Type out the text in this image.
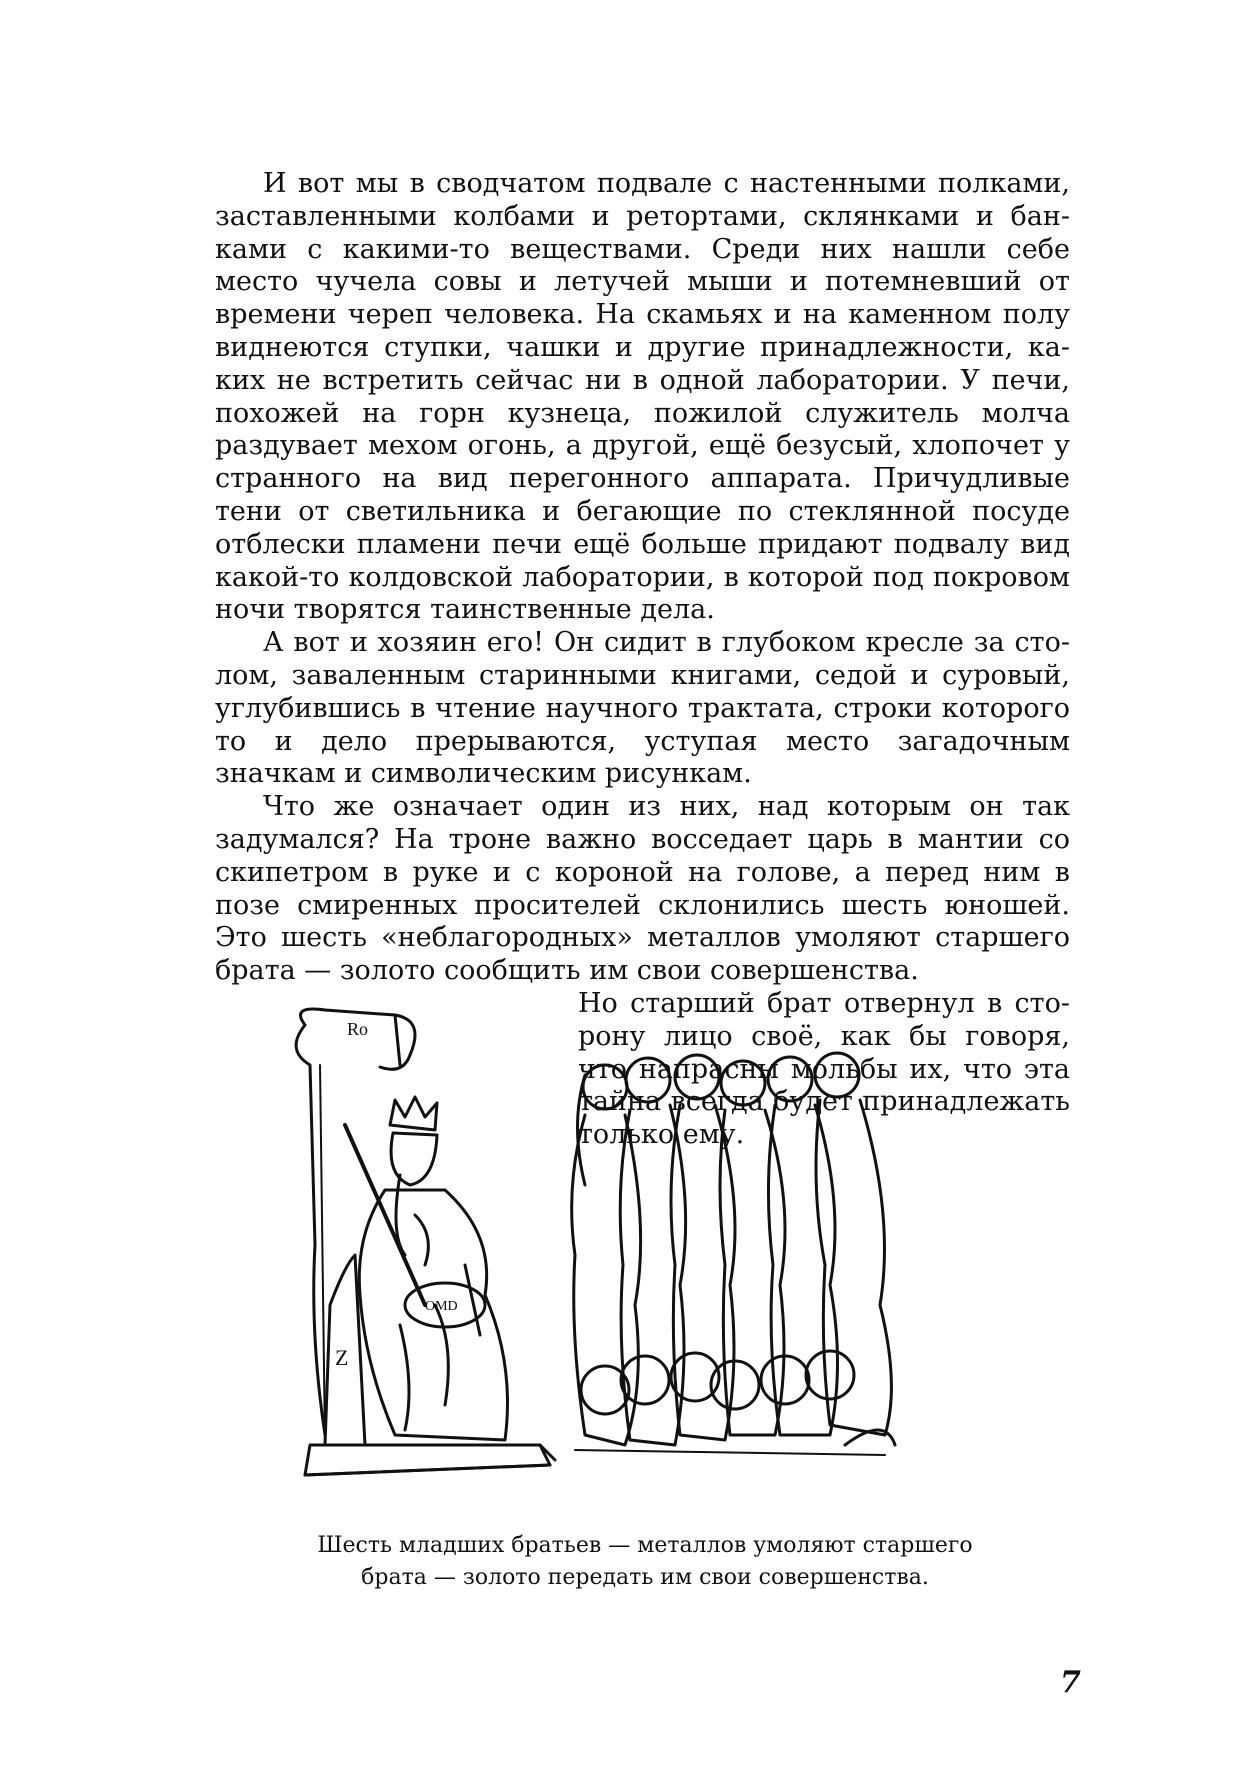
И вот мы в сводчатом подвале с настенными полками, заставленными колбами и ретортами, склянками и банками с какими-то веществами. Среди них нашли себе место чучела совы и летучей мыши и потемневший от времени череп человека. На скамьях и на каменном полу виднеются ступки, чашки и другие принадлежности, каких не встретить сейчас ни в одной лаборатории. У печи, похожей на горн кузнеца, пожилой служитель молча раздувает мехом огонь, а другой, ещё безусый, хлопочет у странного на вид перегонного аппарата. Причудливые тени от светильника и бегающие по стеклянной посуде отблески пламени печи ещё больше придают подвалу вид какой-то колдовской лаборатории, в которой под покровом ночи творятся таинственные дела.

А вот и хозяин его! Он сидит в глубоком кресле за столом, заваленным старинными книгами, седой и суровый, углубившись в чтение научного трактата, строки которого то и дело прерываются, уступая место загадочным значкам и символическим рисункам.

Что же означает один из них, над которым он так задумался? На троне важно восседает царь в мантии со скипетром в руке и с короной на голове, а перед ним в позе смиренных просителей склонились шесть юношей. Это шесть «неблагородных» металлов умоляют старшего брата — золото сообщить им свои совершенства.

Но старший брат отвернул в сторону лицо своё, как бы говоря, что напрасны мольбы их, что эта тайна всегда будет принадлежать только ему.

Ro
OMD
Z
Шесть младших братьев — металлов умоляют старшего
брата — золото передать им свои совершенства.
7
